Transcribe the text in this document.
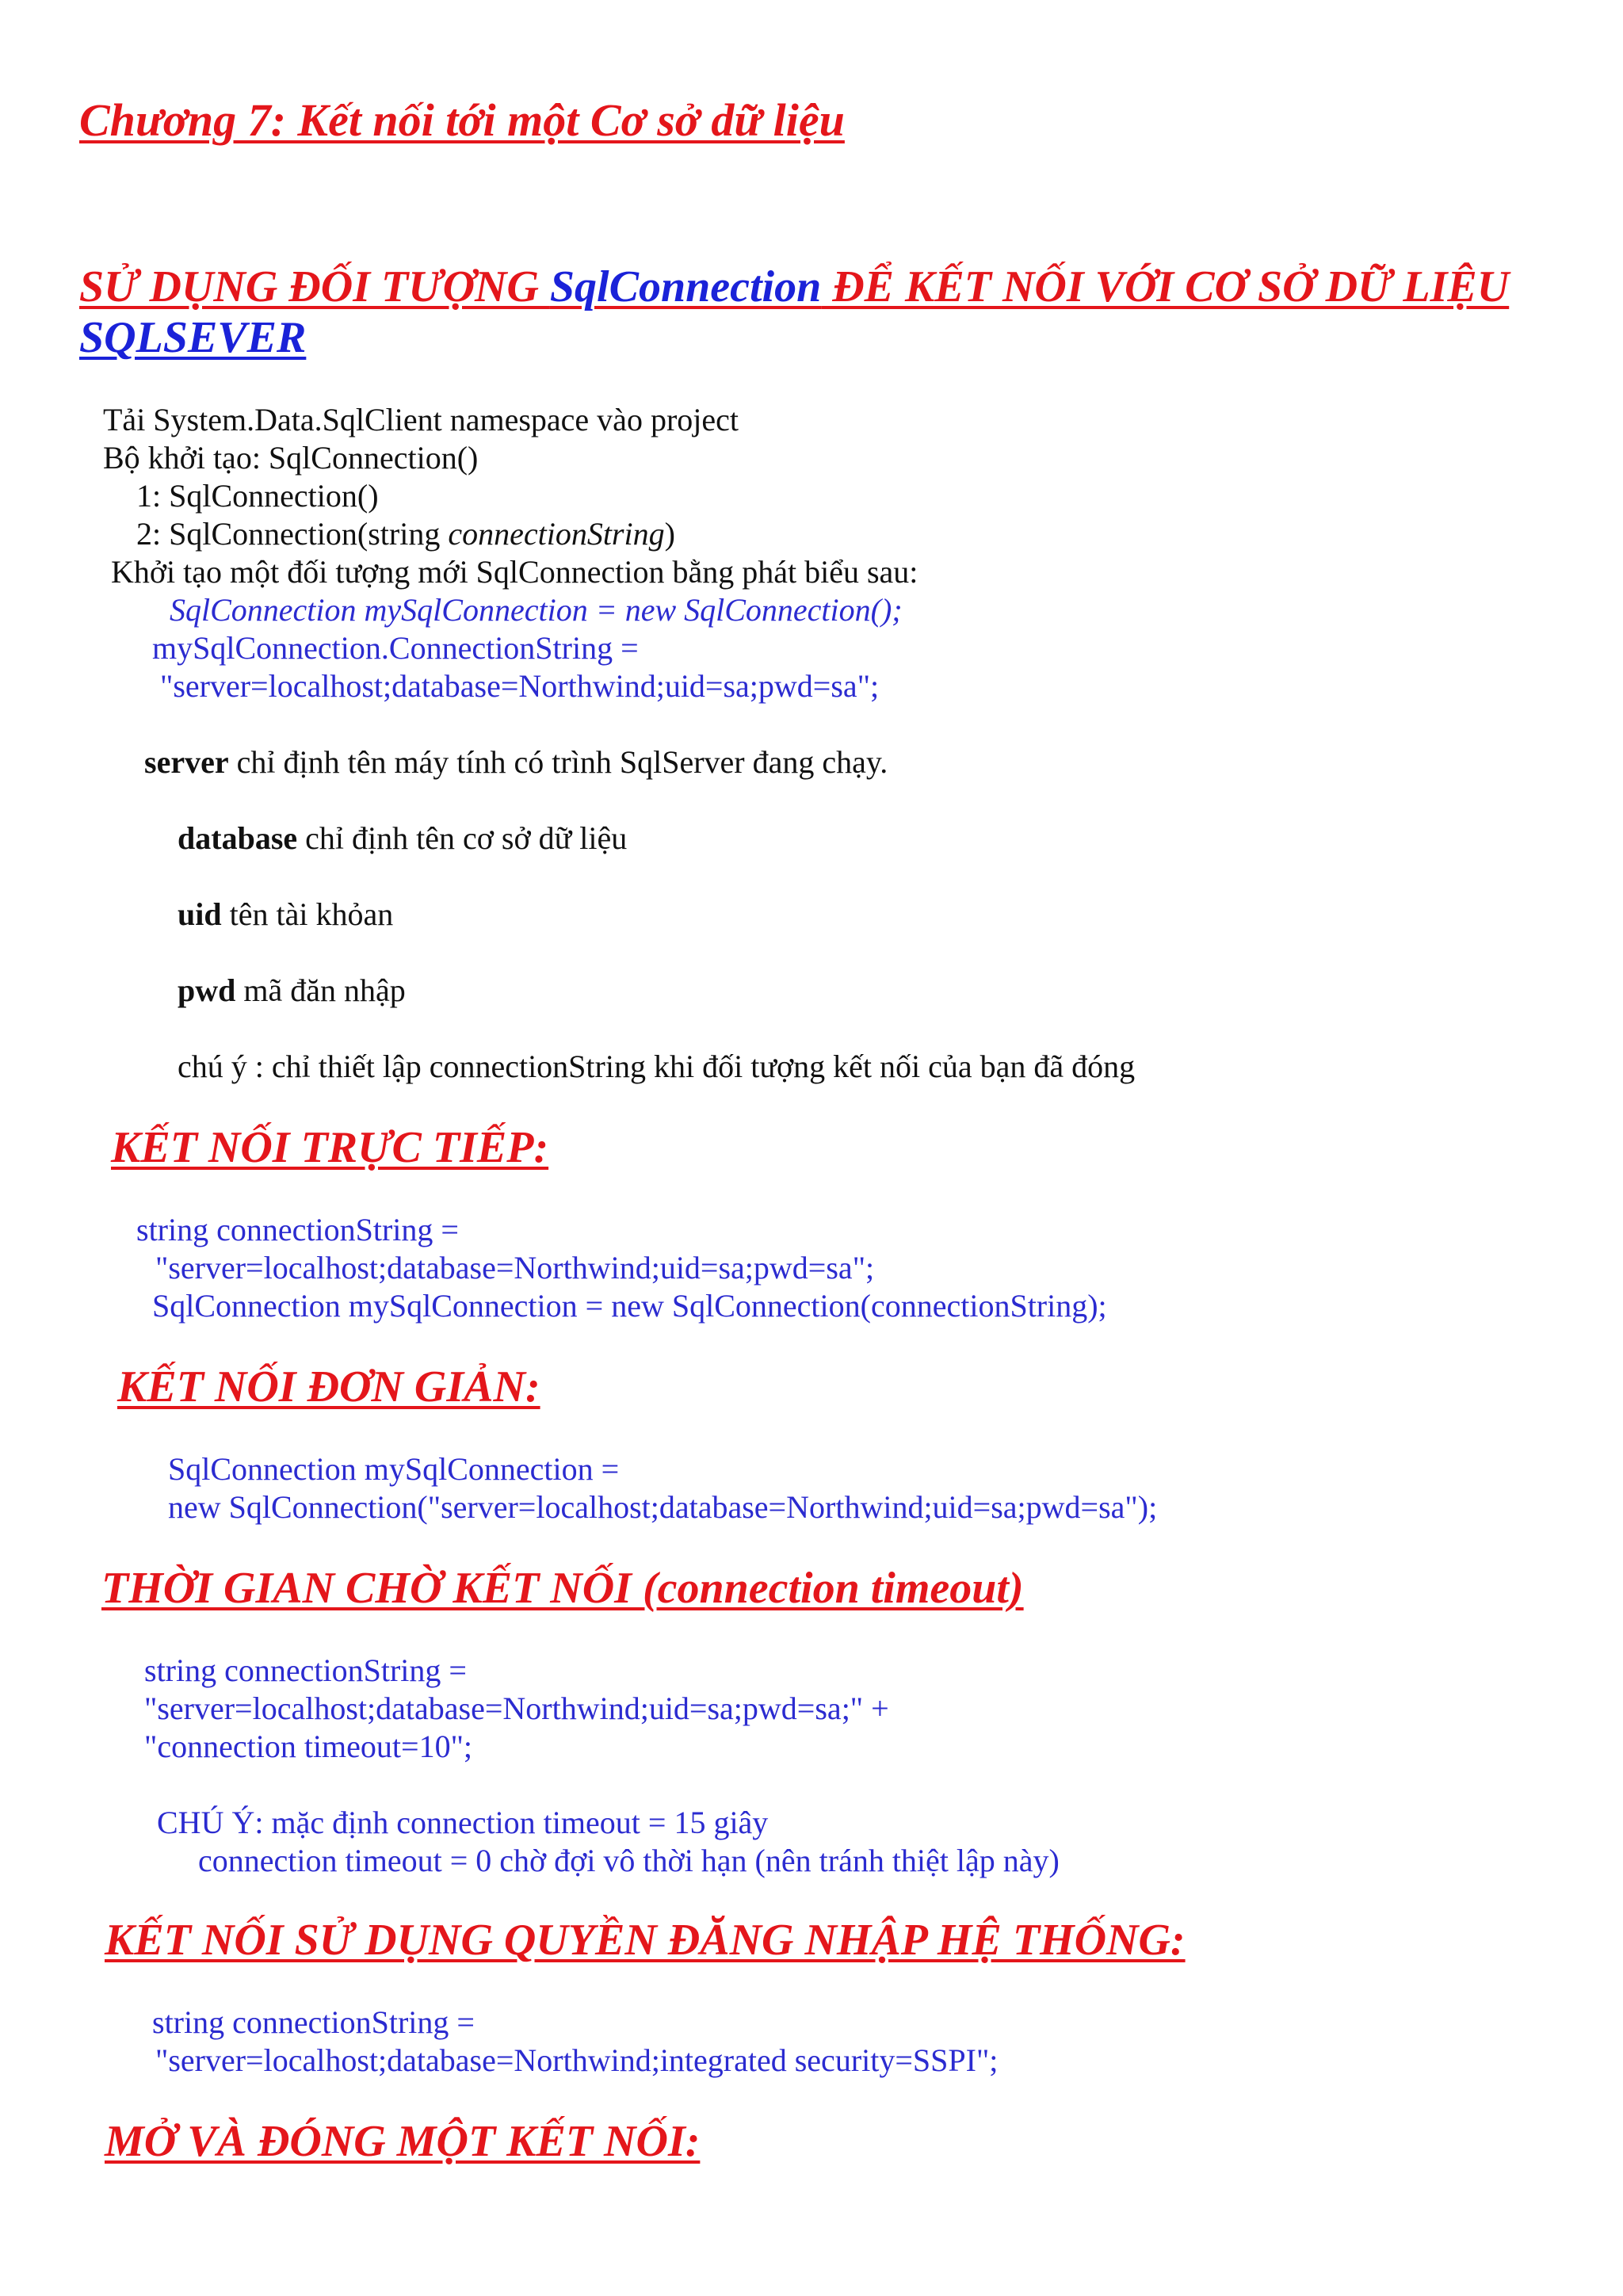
Chương 7: Kết nối tới một Cơ sở dữ liệu
SỬ DỤNG ĐỐI TƯỢNG SqlConnection ĐỂ KẾT NỐI VỚI CƠ SỞ DỮ LIỆU
SQLSEVER
Tải System.Data.SqlClient namespace vào project
Bộ khởi tạo: SqlConnection()
1: SqlConnection()
2: SqlConnection(string connectionString)
Khởi tạo một đối tượng mới SqlConnection bằng phát biểu sau:
SqlConnection mySqlConnection = new SqlConnection();
mySqlConnection.ConnectionString =
"server=localhost;database=Northwind;uid=sa;pwd=sa";
server chỉ định tên máy tính có trình SqlServer đang chạy.
database chỉ định tên cơ sở dữ liệu
uid tên tài khỏan
pwd mã đăn nhập
chú ý : chỉ thiết lập connectionString khi đối tượng kết nối của bạn đã đóng
KẾT NỐI TRỰC TIẾP:
string connectionString =
"server=localhost;database=Northwind;uid=sa;pwd=sa";
SqlConnection mySqlConnection = new SqlConnection(connectionString);
KẾT NỐI ĐƠN GIẢN:
SqlConnection mySqlConnection =
new SqlConnection("server=localhost;database=Northwind;uid=sa;pwd=sa");
THỜI GIAN CHỜ KẾT NỐI (connection timeout)
string connectionString =
"server=localhost;database=Northwind;uid=sa;pwd=sa;" +
"connection timeout=10";
CHÚ Ý: mặc định connection timeout = 15 giây
connection timeout = 0 chờ đợi vô thời hạn (nên tránh thiệt lập này)
KẾT NỐI SỬ DỤNG QUYỀN ĐĂNG NHẬP HỆ THỐNG:
string connectionString =
"server=localhost;database=Northwind;integrated security=SSPI";
MỞ VÀ ĐÓNG MỘT KẾT NỐI:
